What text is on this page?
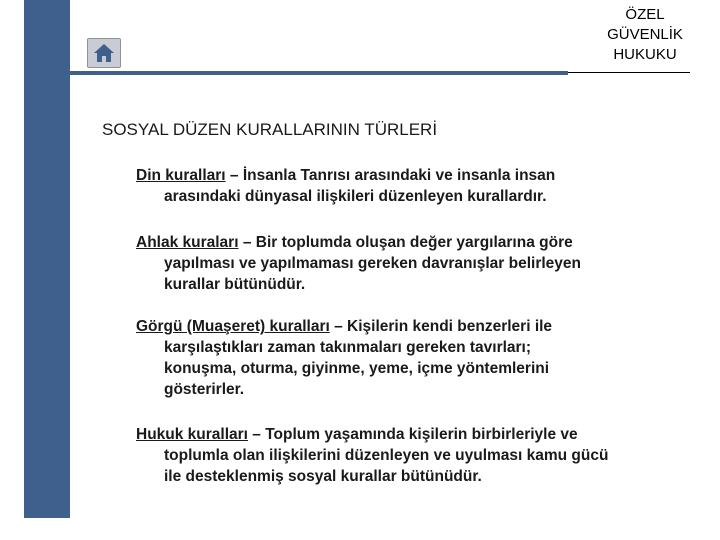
ÖZEL
GÜVENLİK
HUKUKU
SOSYAL DÜZEN KURALLARININ TÜRLERİ
Din kuralları – İnsanla Tanrısı arasındaki ve insanla insan
arasındaki dünyasal ilişkileri düzenleyen kurallardır.
Ahlak kuraları – Bir toplumda oluşan değer yargılarına göre
yapılması ve yapılmaması gereken davranışlar belirleyen
kurallar bütünüdür.
Görgü (Muaşeret) kuralları – Kişilerin kendi benzerleri ile
karşılaştıkları zaman takınmaları gereken tavırları;
konuşma, oturma, giyinme, yeme, içme yöntemlerini
gösterirler.
Hukuk kuralları – Toplum yaşamında kişilerin birbirleriyle ve
toplumla olan ilişkilerini düzenleyen ve uyulması kamu gücü
ile desteklenmiş sosyal kurallar bütünüdür.
